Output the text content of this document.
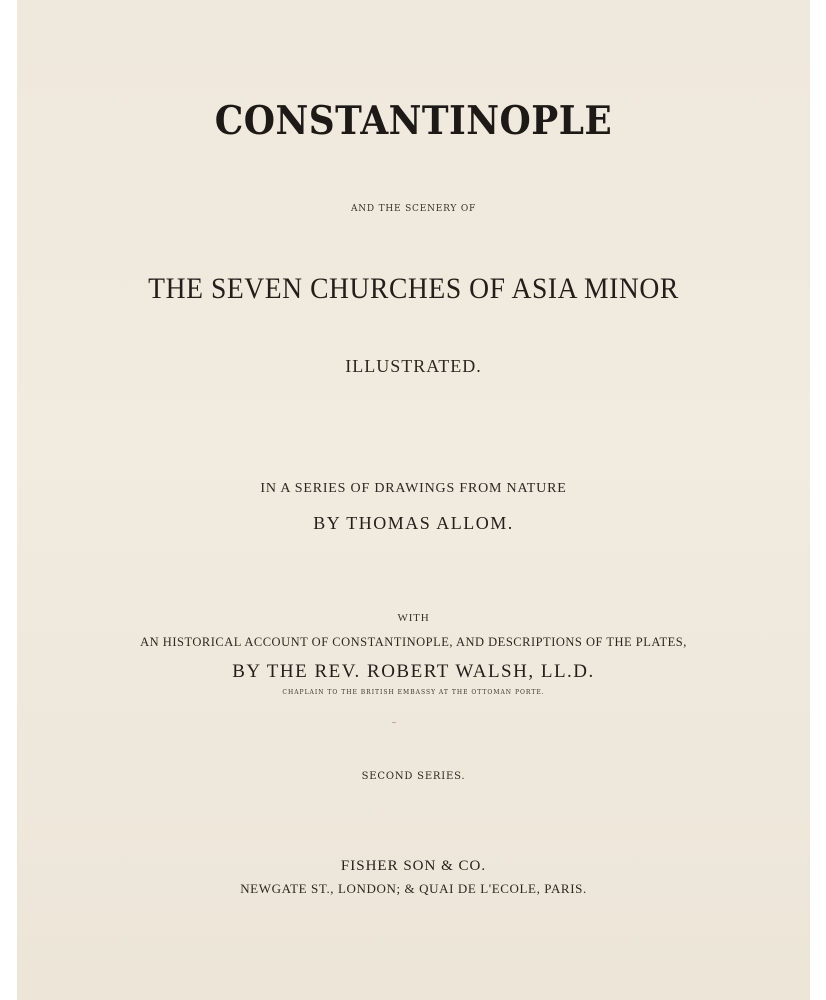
CONSTANTINOPLE
AND THE SCENERY OF
THE SEVEN CHURCHES OF ASIA MINOR
ILLUSTRATED.
IN A SERIES OF DRAWINGS FROM NATURE
BY THOMAS ALLOM.
WITH
AN HISTORICAL ACCOUNT OF CONSTANTINOPLE, AND DESCRIPTIONS OF THE PLATES,
BY THE REV. ROBERT WALSH, LL.D.
CHAPLAIN TO THE BRITISH EMBASSY AT THE OTTOMAN PORTE.
SECOND SERIES.
FISHER SON & CO.
NEWGATE ST., LONDON; & QUAI DE L'ECOLE, PARIS.
